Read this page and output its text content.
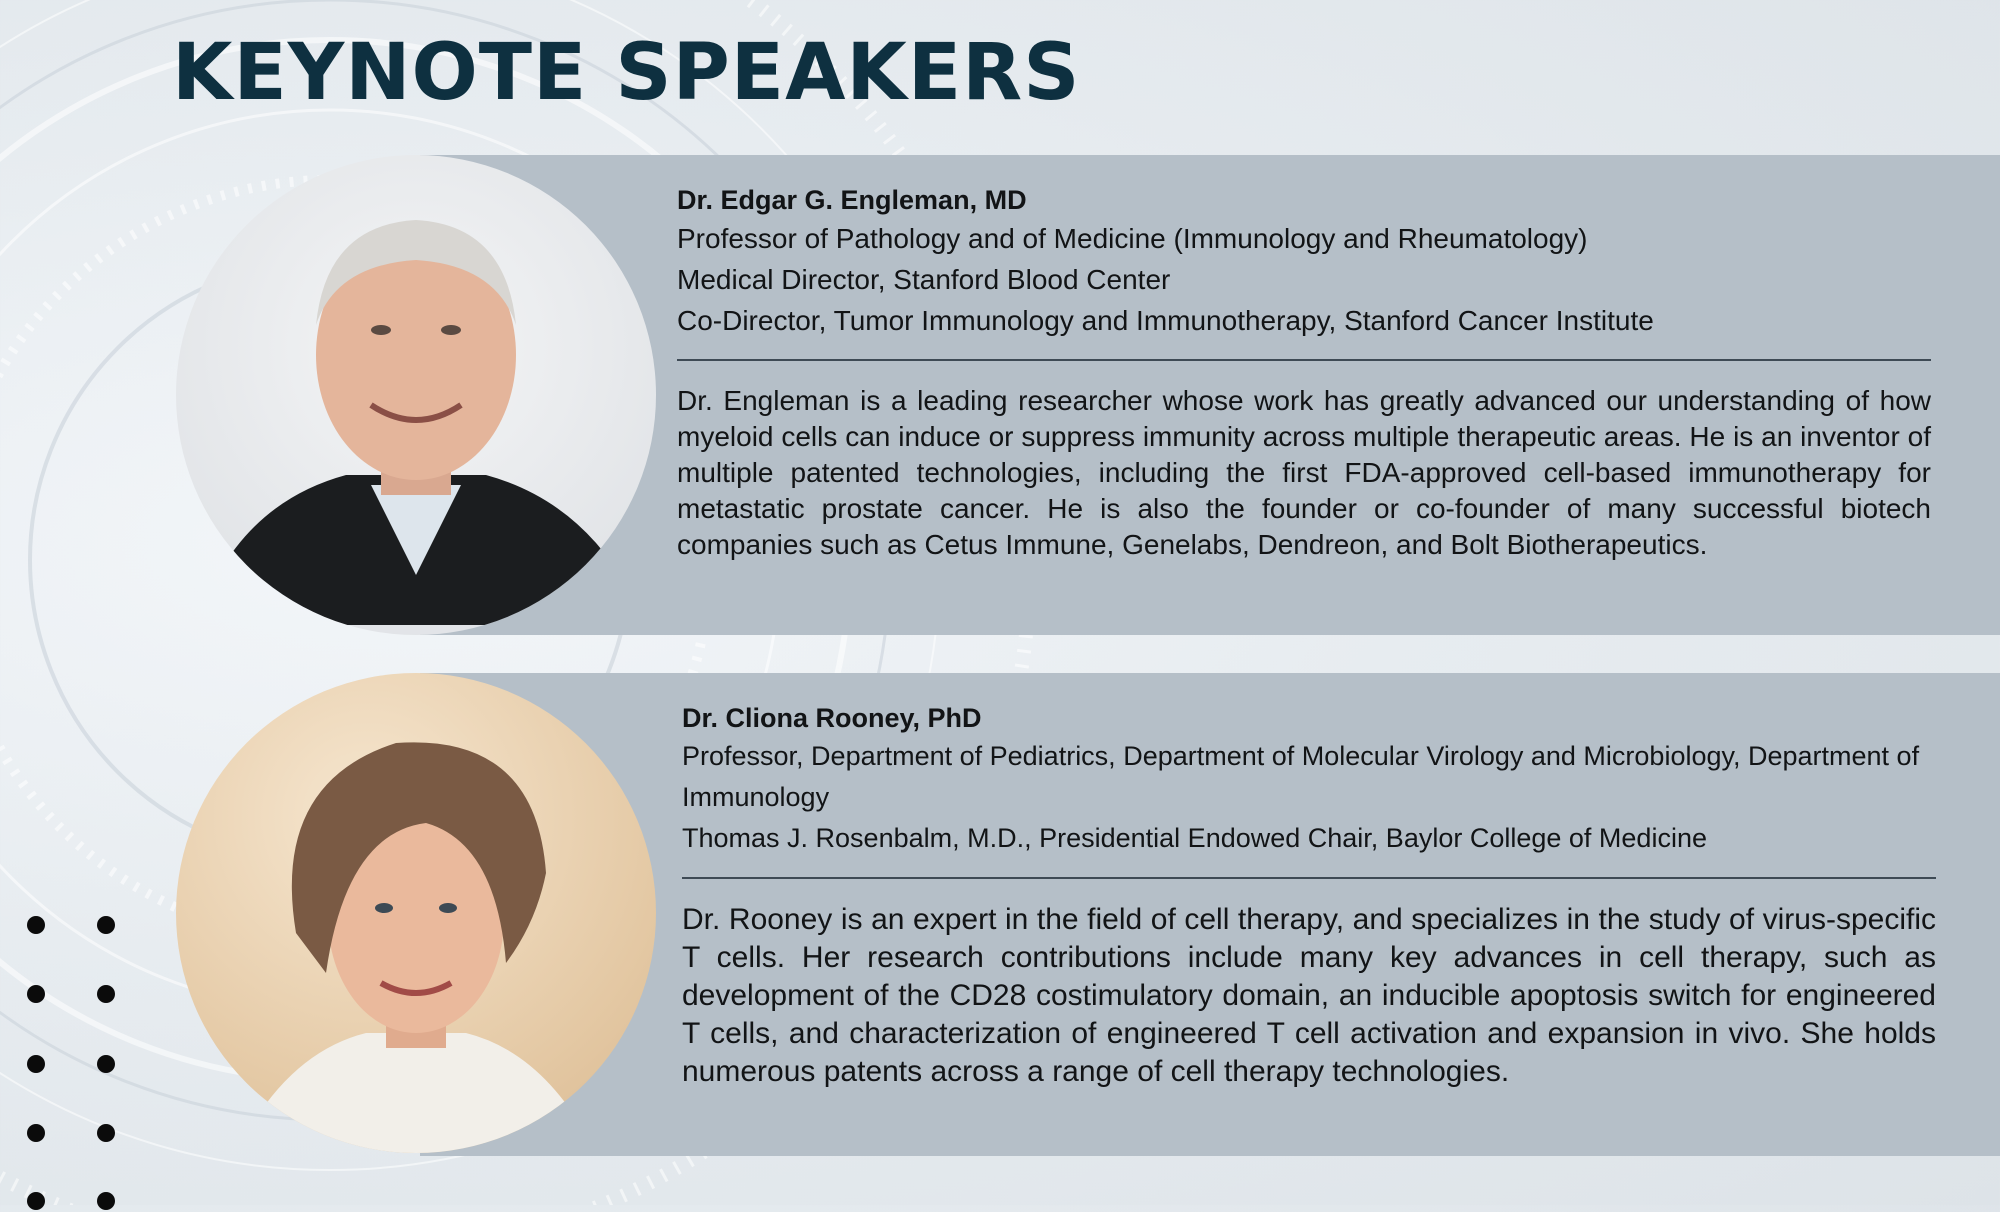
KEYNOTE SPEAKERS

Dr. Edgar G. Engleman, MD

Professor of Pathology and of Medicine (Immunology and Rheumatology)

Medical Director, Stanford Blood Center

Co-Director, Tumor Immunology and Immunotherapy, Stanford Cancer Institute

Dr. Engleman is a leading researcher whose work has greatly advanced our understanding of how myeloid cells can induce or suppress immunity across multiple therapeutic areas. He is an inventor of multiple patented technologies, including the first FDA-approved cell-based immunotherapy for metastatic prostate cancer. He is also the founder or co-founder of many successful biotech companies such as Cetus Immune, Genelabs, Dendreon, and Bolt Biotherapeutics.

Dr. Cliona Rooney, PhD

Professor, Department of Pediatrics, Department of Molecular Virology and Microbiology, Department of Immunology

Thomas J. Rosenbalm, M.D., Presidential Endowed Chair, Baylor College of Medicine

Dr. Rooney is an expert in the field of cell therapy, and specializes in the study of virus-specific T cells. Her research contributions include many key advances in cell therapy, such as development of the CD28 costimulatory domain, an inducible apoptosis switch for engineered T cells, and characterization of engineered T cell activation and expansion in vivo. She holds numerous patents across a range of cell therapy technologies.
